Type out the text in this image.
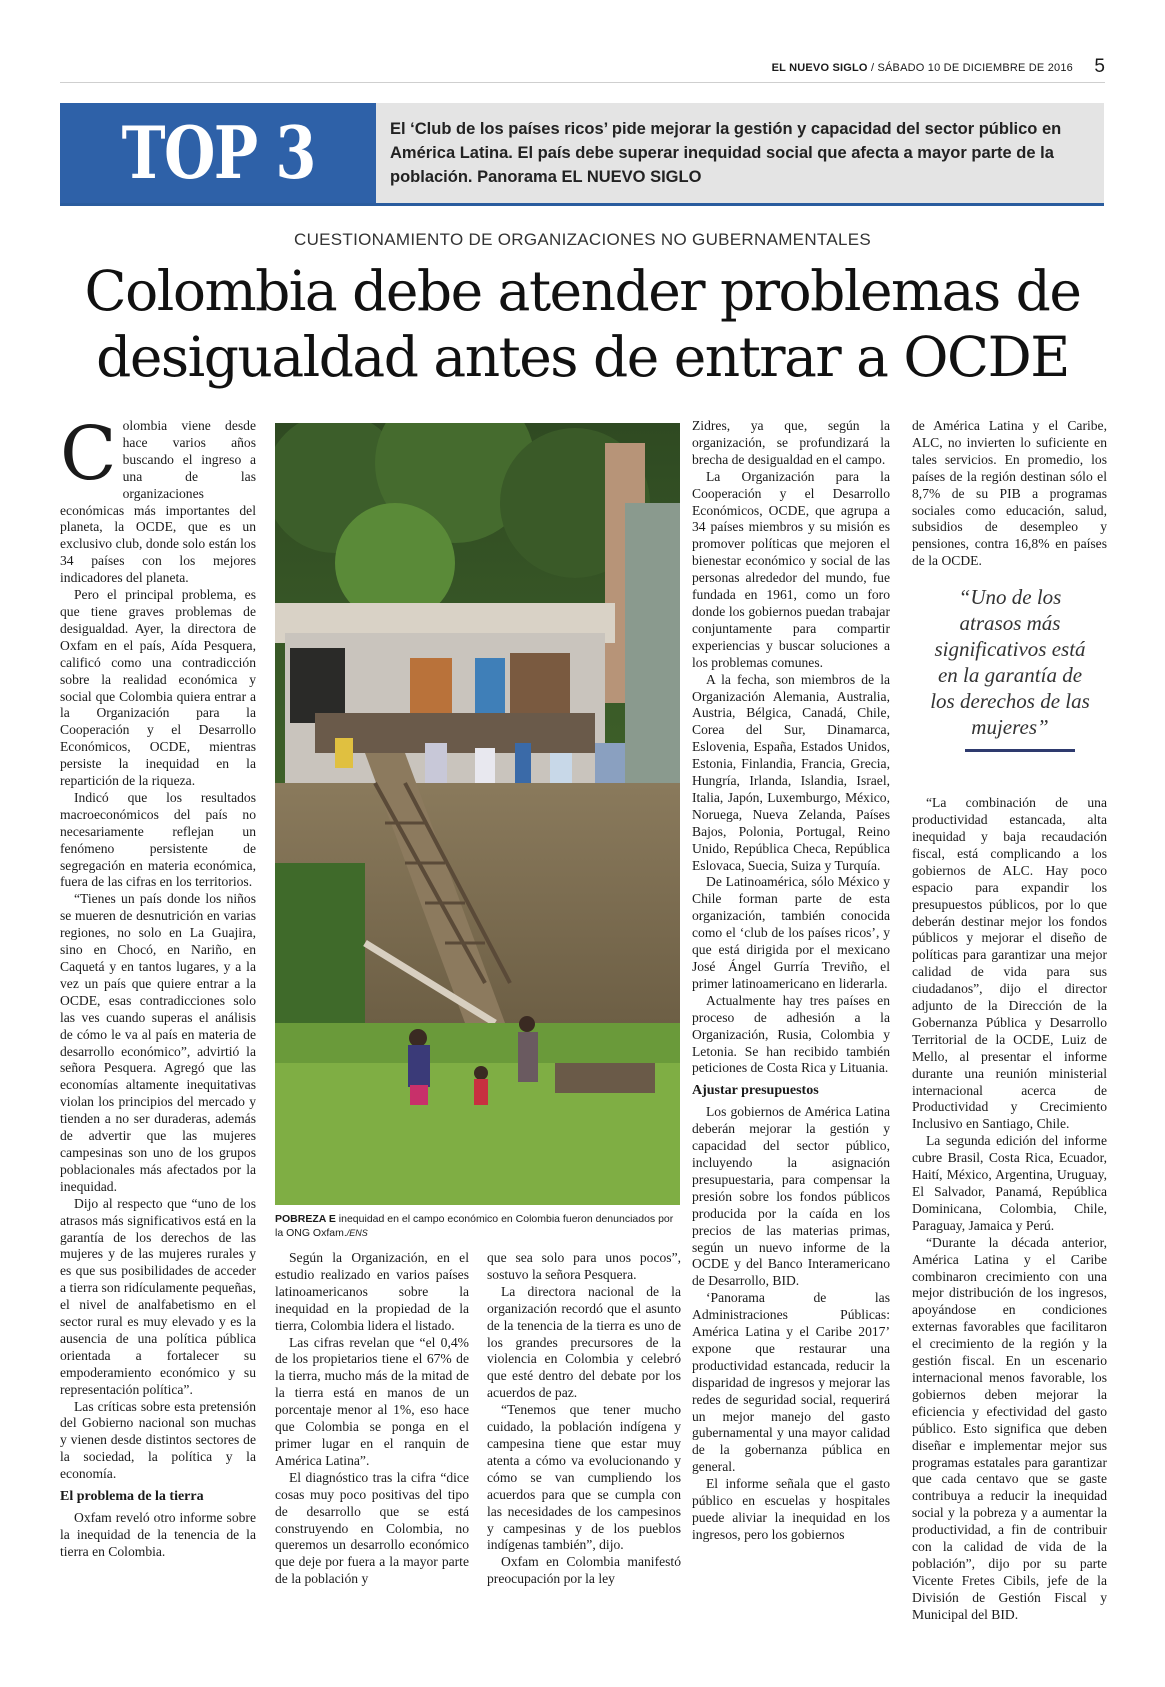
EL NUEVO SIGLO / SÁBADO 10 DE DICIEMBRE DE 2016 5
TOP 3	El ‘Club de los países ricos’ pide mejorar la gestión y capacidad del sector público en América Latina. El país debe superar inequidad social que afecta a mayor parte de la población. Panorama EL NUEVO SIGLO
CUESTIONAMIENTO DE ORGANIZACIONES NO GUBERNAMENTALES
Colombia debe atender problemas de
desigualdad antes de entrar a OCDE

Colombia viene desde hace varios años buscando el ingreso a una de las organizaciones económicas más importantes del planeta, la OCDE, que es un exclusivo club, donde solo están los 34 países con los mejores indicadores del planeta.

Pero el principal problema, es que tiene graves problemas de desigualdad. Ayer, la directora de Oxfam en el país, Aída Pesquera, calificó como una contradicción sobre la realidad económica y social que Colombia quiera entrar a la Organización para la Cooperación y el Desarrollo Económicos, OCDE, mientras persiste la inequidad en la repartición de la riqueza.

Indicó que los resultados macroeconómicos del país no necesariamente reflejan un fenómeno persistente de segregación en materia económica, fuera de las cifras en los territorios.

“Tienes un país donde los niños se mueren de desnutrición en varias regiones, no solo en La Guajira, sino en Chocó, en Nariño, en Caquetá y en tantos lugares, y a la vez un país que quiere entrar a la OCDE, esas contradicciones solo las ves cuando superas el análisis de cómo le va al país en materia de desarrollo económico”, advirtió la señora Pesquera. Agregó que las economías altamente inequitativas violan los principios del mercado y tienden a no ser duraderas, además de advertir que las mujeres campesinas son uno de los grupos poblacionales más afectados por la inequidad.

Dijo al respecto que “uno de los atrasos más significativos está en la garantía de los derechos de las mujeres y de las mujeres rurales y es que sus posibilidades de acceder a tierra son ridículamente pequeñas, el nivel de analfabetismo en el sector rural es muy elevado y es la ausencia de una política pública orientada a fortalecer su empoderamiento económico y su representación política”.

Las críticas sobre esta pretensión del Gobierno nacional son muchas y vienen desde distintos sectores de la sociedad, la política y la economía.

El problema de la tierra

Oxfam reveló otro informe sobre la inequidad de la tenencia de la tierra en Colombia.

POBREZA E inequidad en el campo económico en Colombia fueron denunciados por la ONG Oxfam./ENS

Según la Organización, en el estudio realizado en varios países latinoamericanos sobre la inequidad en la propiedad de la tierra, Colombia lidera el listado.

Las cifras revelan que “el 0,4% de los propietarios tiene el 67% de la tierra, mucho más de la mitad de la tierra está en manos de un porcentaje menor al 1%, eso hace que Colombia se ponga en el primer lugar en el ranquin de América Latina”.

El diagnóstico tras la cifra “dice cosas muy poco positivas del tipo de desarrollo que se está construyendo en Colombia, no queremos un desarrollo económico que deje por fuera a la mayor parte de la población y

que sea solo para unos pocos”, sostuvo la señora Pesquera.

La directora nacional de la organización recordó que el asunto de la tenencia de la tierra es uno de los grandes precursores de la violencia en Colombia y celebró que esté dentro del debate por los acuerdos de paz.

“Tenemos que tener mucho cuidado, la población indígena y campesina tiene que estar muy atenta a cómo va evolucionando y cómo se van cumpliendo los acuerdos para que se cumpla con las necesidades de los campesinos y campesinas y de los pueblos indígenas también”, dijo.

Oxfam en Colombia manifestó preocupación por la ley

Zidres, ya que, según la organización, se profundizará la brecha de desigualdad en el campo.

La Organización para la Cooperación y el Desarrollo Económicos, OCDE, que agrupa a 34 países miembros y su misión es promover políticas que mejoren el bienestar económico y social de las personas alrededor del mundo, fue fundada en 1961, como un foro donde los gobiernos puedan trabajar conjuntamente para compartir experiencias y buscar soluciones a los problemas comunes.

A la fecha, son miembros de la Organización Alemania, Australia, Austria, Bélgica, Canadá, Chile, Corea del Sur, Dinamarca, Eslovenia, España, Estados Unidos, Estonia, Finlandia, Francia, Grecia, Hungría, Irlanda, Islandia, Israel, Italia, Japón, Luxemburgo, México, Noruega, Nueva Zelanda, Países Bajos, Polonia, Portugal, Reino Unido, República Checa, República Eslovaca, Suecia, Suiza y Turquía.

De Latinoamérica, sólo México y Chile forman parte de esta organización, también conocida como el ‘club de los países ricos’, y que está dirigida por el mexicano José Ángel Gurría Treviño, el primer latinoamericano en liderarla.

Actualmente hay tres países en proceso de adhesión a la Organización, Rusia, Colombia y Letonia. Se han recibido también peticiones de Costa Rica y Lituania.

Ajustar presupuestos

Los gobiernos de América Latina deberán mejorar la gestión y capacidad del sector público, incluyendo la asignación presupuestaria, para compensar la presión sobre los fondos públicos producida por la caída en los precios de las materias primas, según un nuevo informe de la OCDE y del Banco Interamericano de Desarrollo, BID.

‘Panorama de las Administraciones Públicas: América Latina y el Caribe 2017’ expone que restaurar una productividad estancada, reducir la disparidad de ingresos y mejorar las redes de seguridad social, requerirá un mejor manejo del gasto gubernamental y una mayor calidad de la gobernanza pública en general.

El informe señala que el gasto público en escuelas y hospitales puede aliviar la inequidad en los ingresos, pero los gobiernos

de América Latina y el Caribe, ALC, no invierten lo suficiente en tales servicios. En promedio, los países de la región destinan sólo el 8,7% de su PIB a programas sociales como educación, salud, subsidios de desempleo y pensiones, contra 16,8% en países de la OCDE.

“La combinación de una productividad estancada, alta inequidad y baja recaudación fiscal, está complicando a los gobiernos de ALC. Hay poco espacio para expandir los presupuestos públicos, por lo que deberán destinar mejor los fondos públicos y mejorar el diseño de políticas para garantizar una mejor calidad de vida para sus ciudadanos”, dijo el director adjunto de la Dirección de la Gobernanza Pública y Desarrollo Territorial de la OCDE, Luiz de Mello, al presentar el informe durante una reunión ministerial internacional acerca de Productividad y Crecimiento Inclusivo en Santiago, Chile.

La segunda edición del informe cubre Brasil, Costa Rica, Ecuador, Haití, México, Argentina, Uruguay, El Salvador, Panamá, República Dominicana, Colombia, Chile, Paraguay, Jamaica y Perú.

“Durante la década anterior, América Latina y el Caribe combinaron crecimiento con una mejor distribución de los ingresos, apoyándose en condiciones externas favorables que facilitaron el crecimiento de la región y la gestión fiscal. En un escenario internacional menos favorable, los gobiernos deben mejorar la eficiencia y efectividad del gasto público. Esto significa que deben diseñar e implementar mejor sus programas estatales para garantizar que cada centavo que se gaste contribuya a reducir la inequidad social y la pobreza y a aumentar la productividad, a fin de contribuir con la calidad de vida de la población”, dijo por su parte Vicente Fretes Cibils, jefe de la División de Gestión Fiscal y Municipal del BID.

“Uno de los atrasos más significativos está en la garantía de los derechos de las mujeres”
